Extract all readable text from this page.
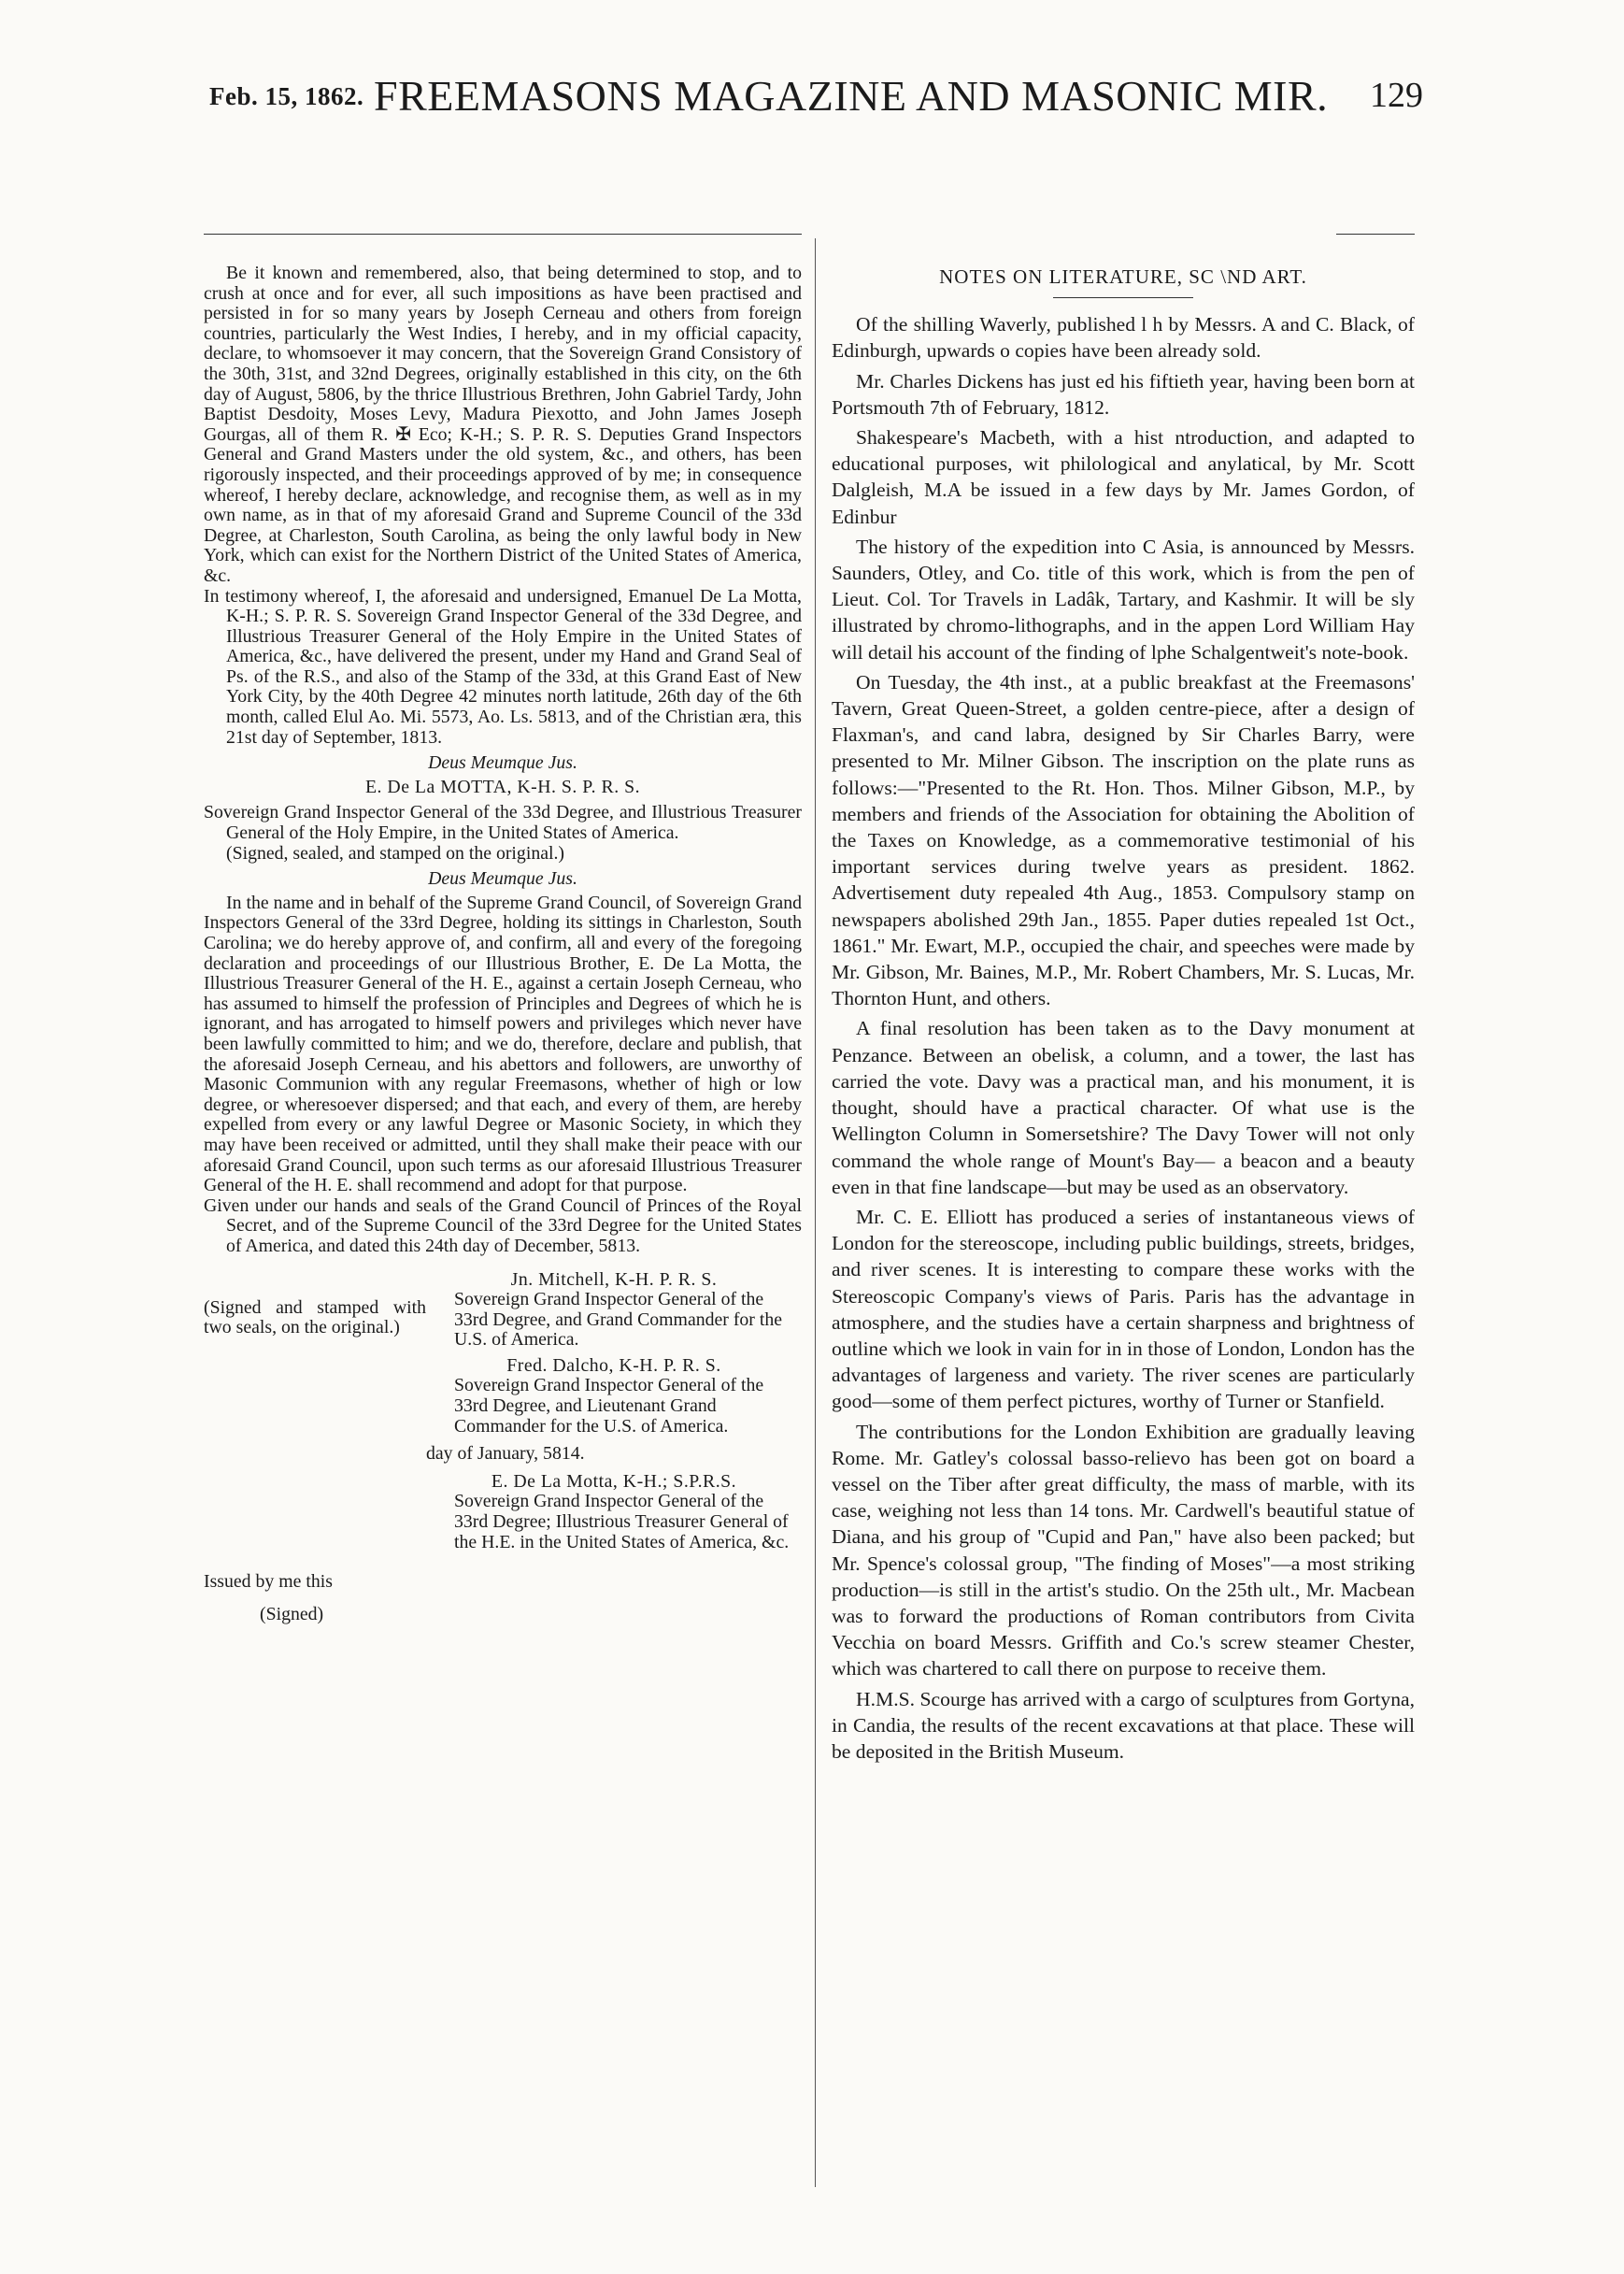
Feb. 15, 1862. FREEMASONS MAGAZINE AND MASONIC MIR. 129

Be it known and remembered, also, that being determined to stop, and to crush at once and for ever, all such impositions as have been practised and persisted in for so many years by Joseph Cerneau and others from foreign countries, particularly the West Indies, I hereby, and in my official capacity, declare, to whomsoever it may concern, that the Sovereign Grand Consistory of the 30th, 31st, and 32nd Degrees, originally established in this city, on the 6th day of August, 5806, by the thrice Illustrious Brethren, John Gabriel Tardy, John Baptist Desdoity, Moses Levy, Madura Piexotto, and John James Joseph Gourgas, all of them R. ✠ Eco; K-H.; S. P. R. S. Deputies Grand Inspectors General and Grand Masters under the old system, &c., and others, has been rigorously inspected, and their proceedings approved of by me; in consequence whereof, I hereby declare, acknowledge, and recognise them, as well as in my own name, as in that of my aforesaid Grand and Supreme Council of the 33d Degree, at Charleston, South Carolina, as being the only lawful body in New York, which can exist for the Northern District of the United States of America, &c.

In testimony whereof, I, the aforesaid and undersigned, Emanuel De La Motta, K-H.; S. P. R. S. Sovereign Grand Inspector General of the 33d Degree, and Illustrious Treasurer General of the Holy Empire in the United States of America, &c., have delivered the present, under my Hand and Grand Seal of Ps. of the R.S., and also of the Stamp of the 33d, at this Grand East of New York City, by the 40th Degree 42 minutes north latitude, 26th day of the 6th month, called Elul Ao. Mi. 5573, Ao. Ls. 5813, and of the Christian æra, this 21st day of September, 1813.

Deus Meumque Jus.
E. De La MOTTA, K-H. S. P. R. S.

Sovereign Grand Inspector General of the 33d Degree, and Illustrious Treasurer General of the Holy Empire, in the United States of America.

(Signed, sealed, and stamped on the original.)

Deus Meumque Jus.

In the name and in behalf of the Supreme Grand Council, of Sovereign Grand Inspectors General of the 33rd Degree, holding its sittings in Charleston, South Carolina; we do hereby approve of, and confirm, all and every of the foregoing declaration and proceedings of our Illustrious Brother, E. De La Motta, the Illustrious Treasurer General of the H. E., against a certain Joseph Cerneau, who has assumed to himself the profession of Principles and Degrees of which he is ignorant, and has arrogated to himself powers and privileges which never have been lawfully committed to him; and we do, therefore, declare and publish, that the aforesaid Joseph Cerneau, and his abettors and followers, are unworthy of Masonic Communion with any regular Freemasons, whether of high or low degree, or wheresoever dispersed; and that each, and every of them, are hereby expelled from every or any lawful Degree or Masonic Society, in which they may have been received or admitted, until they shall make their peace with our aforesaid Grand Council, upon such terms as our aforesaid Illustrious Treasurer General of the H. E. shall recommend and adopt for that purpose.

Given under our hands and seals of the Grand Council of Princes of the Royal Secret, and of the Supreme Council of the 33rd Degree for the United States of America, and dated this 24th day of December, 5813.

(Signed and stamped with two seals, on the original.)
Issued by me this
(Signed)
Jn. Mitchell, K-H. P. R. S.
Sovereign Grand Inspector General of the 33rd Degree, and Grand Commander for the U.S. of America.
Fred. Dalcho, K-H. P. R. S.
Sovereign Grand Inspector General of the 33rd Degree, and Lieutenant Grand Commander for the U.S. of America.
day of January, 5814.
E. De La Motta, K-H.; S.P.R.S.
Sovereign Grand Inspector General of the 33rd Degree; Illustrious Treasurer General of the H.E. in the United States of America, &c.
NOTES ON LITERATURE, SC \ND ART.

Of the shilling Waverly, published l h by Messrs. A and C. Black, of Edinburgh, upwards o copies have been already sold.

Mr. Charles Dickens has just ed his fiftieth year, having been born at Portsmouth 7th of February, 1812.

Shakespeare's Macbeth, with a hist ntroduction, and adapted to educational purposes, wit philological and anylatical, by Mr. Scott Dalgleish, M.A be issued in a few days by Mr. James Gordon, of Edinbur

The history of the expedition into C Asia, is announced by Messrs. Saunders, Otley, and Co. title of this work, which is from the pen of Lieut. Col. Tor Travels in Ladâk, Tartary, and Kashmir. It will be sly illustrated by chromo-lithographs, and in the appen Lord William Hay will detail his account of the finding of lphe Schalgentweit's note-book.

On Tuesday, the 4th inst., at a public breakfast at the Freemasons' Tavern, Great Queen-Street, a golden centre-piece, after a design of Flaxman's, and cand labra, designed by Sir Charles Barry, were presented to Mr. Milner Gibson. The inscription on the plate runs as follows:—"Presented to the Rt. Hon. Thos. Milner Gibson, M.P., by members and friends of the Association for obtaining the Abolition of the Taxes on Knowledge, as a commemorative testimonial of his important services during twelve years as president. 1862. Advertisement duty repealed 4th Aug., 1853. Compulsory stamp on newspapers abolished 29th Jan., 1855. Paper duties repealed 1st Oct., 1861." Mr. Ewart, M.P., occupied the chair, and speeches were made by Mr. Gibson, Mr. Baines, M.P., Mr. Robert Chambers, Mr. S. Lucas, Mr. Thornton Hunt, and others.

A final resolution has been taken as to the Davy monument at Penzance. Between an obelisk, a column, and a tower, the last has carried the vote. Davy was a practical man, and his monument, it is thought, should have a practical character. Of what use is the Wellington Column in Somersetshire? The Davy Tower will not only command the whole range of Mount's Bay— a beacon and a beauty even in that fine landscape—but may be used as an observatory.

Mr. C. E. Elliott has produced a series of instantaneous views of London for the stereoscope, including public buildings, streets, bridges, and river scenes. It is interesting to compare these works with the Stereoscopic Company's views of Paris. Paris has the advantage in atmosphere, and the studies have a certain sharpness and brightness of outline which we look in vain for in in those of London, London has the advantages of largeness and variety. The river scenes are particularly good—some of them perfect pictures, worthy of Turner or Stanfield.

The contributions for the London Exhibition are gradually leaving Rome. Mr. Gatley's colossal basso-relievo has been got on board a vessel on the Tiber after great difficulty, the mass of marble, with its case, weighing not less than 14 tons. Mr. Cardwell's beautiful statue of Diana, and his group of "Cupid and Pan," have also been packed; but Mr. Spence's colossal group, "The finding of Moses"—a most striking production—is still in the artist's studio. On the 25th ult., Mr. Macbean was to forward the productions of Roman contributors from Civita Vecchia on board Messrs. Griffith and Co.'s screw steamer Chester, which was chartered to call there on purpose to receive them.

H.M.S. Scourge has arrived with a cargo of sculptures from Gortyna, in Candia, the results of the recent excavations at that place. These will be deposited in the British Museum.
